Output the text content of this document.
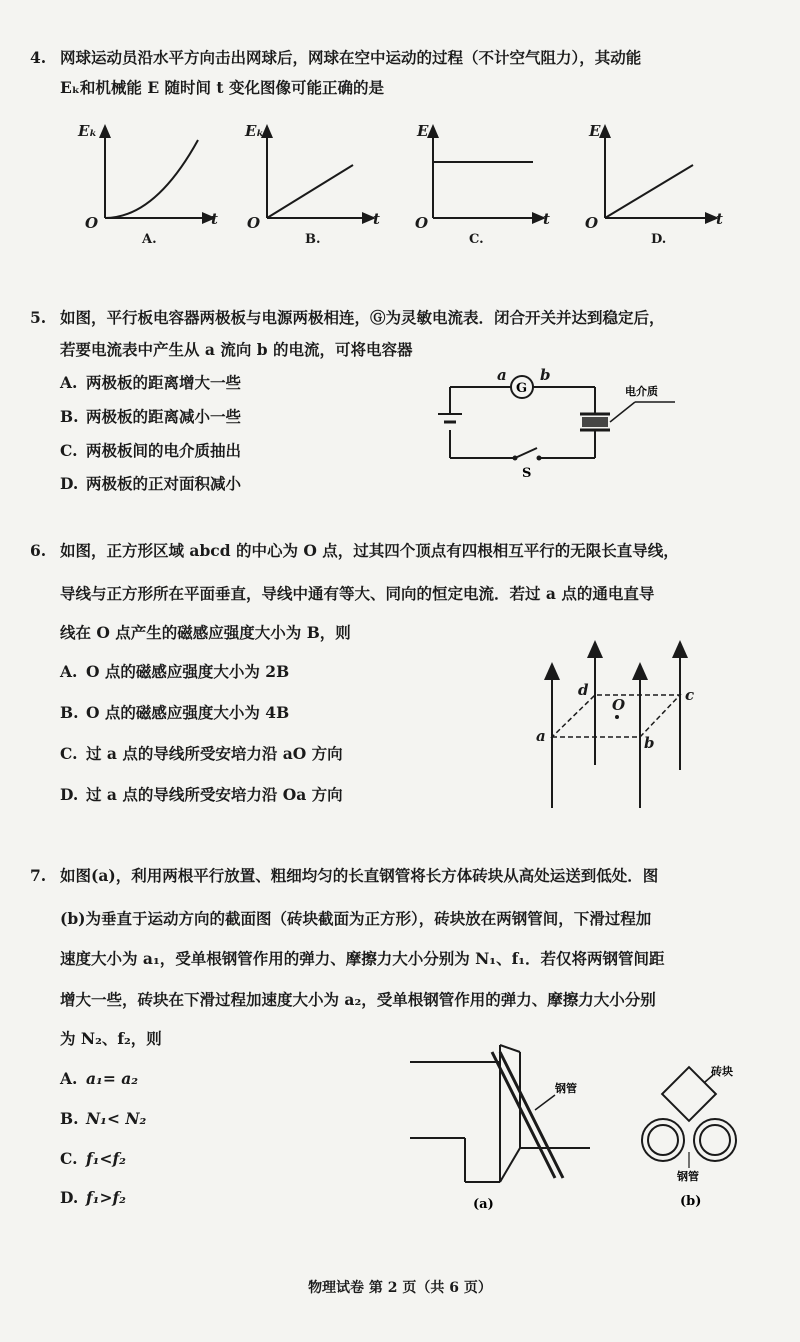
4. 网球运动员沿水平方向击出网球后，网球在空中运动的过程（不计空气阻力），其动能
Eₖ和机械能 E 随时间 t 变化图像可能正确的是
Eₖ
O	t
A.
Eₖ
O	t
B.
E
O	t
C.
E
O	t
D.
5. 如图，平行板电容器两极板与电源两极相连，Ⓖ为灵敏电流表．闭合开关并达到稳定后，
若要电流表中产生从 a 流向 b 的电流，可将电容器
A. 两极板的距离增大一些
B. 两极板的距离减小一些
C. 两极板间的电介质抽出
D. 两极板的正对面积减小
G
a b
电介质
S
6. 如图，正方形区域 abcd 的中心为 O 点，过其四个顶点有四根相互平行的无限长直导线，
导线与正方形所在平面垂直，导线中通有等大、同向的恒定电流．若过 a 点的通电直导
线在 O 点产生的磁感应强度大小为 B，则
A. O 点的磁感应强度大小为 2B
B. O 点的磁感应强度大小为 4B
C. 过 a 点的导线所受安培力沿 aO 方向
D. 过 a 点的导线所受安培力沿 Oa 方向
a	b
c
d
O
7. 如图(a)，利用两根平行放置、粗细均匀的长直钢管将长方体砖块从高处运送到低处．图
(b)为垂直于运动方向的截面图（砖块截面为正方形），砖块放在两钢管间，下滑过程加
速度大小为 a₁，受单根钢管作用的弹力、摩擦力大小分别为 N₁、f₁．若仅将两钢管间距
增大一些，砖块在下滑过程加速度大小为 a₂，受单根钢管作用的弹力、摩擦力大小分别
为 N₂、f₂，则
A. a₁= a₂
B. N₁< N₂
C. f₁<f₂
D. f₁>f₂
钢管
(a)
砖块
钢管
(b)
物理试卷 第 2 页（共 6 页）
